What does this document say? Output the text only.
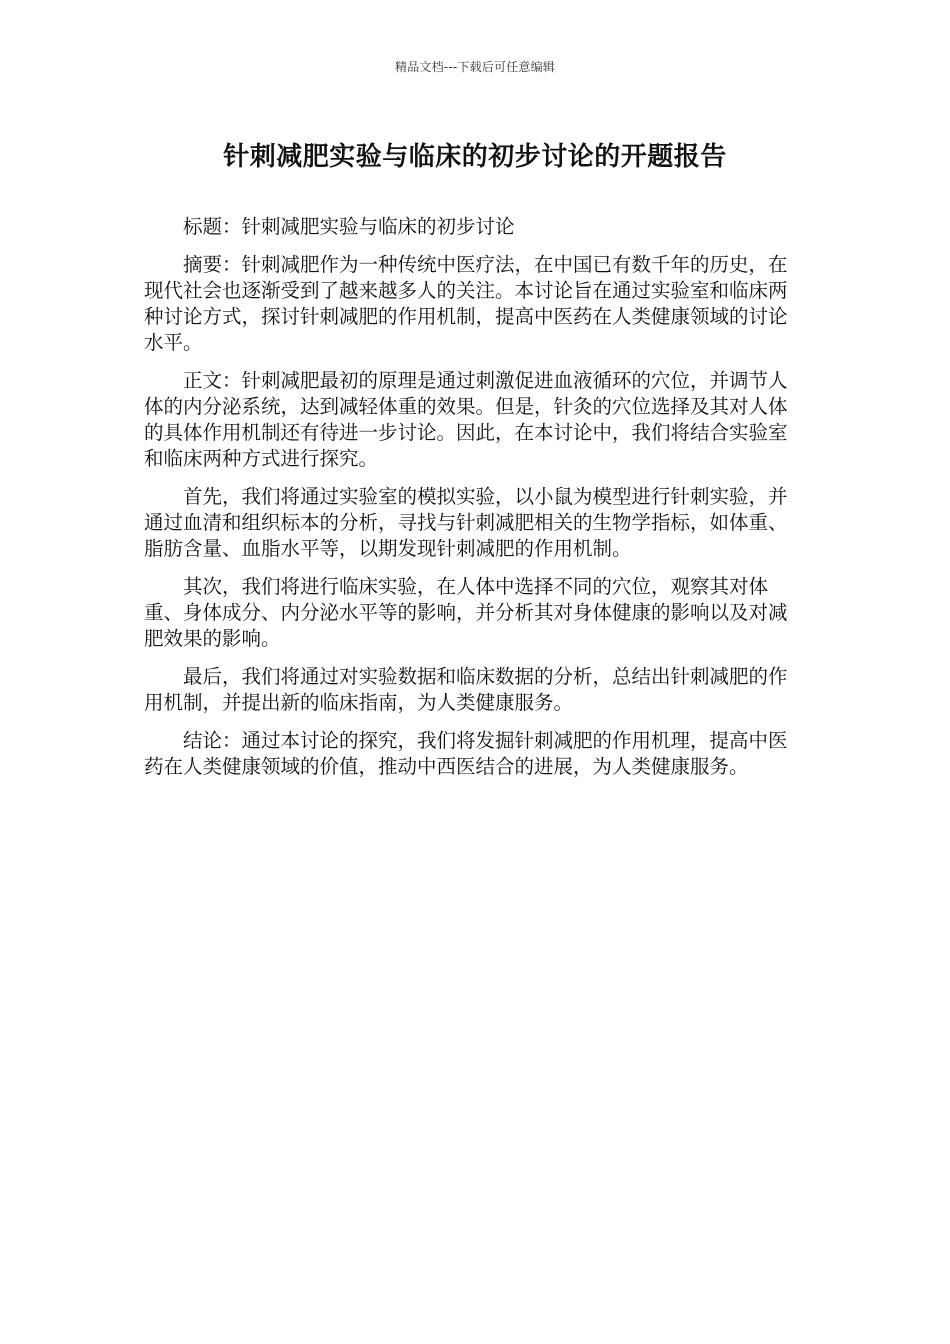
精品文档---下载后可任意编辑
针刺减肥实验与临床的初步讨论的开题报告

标题：针刺减肥实验与临床的初步讨论

摘要：针刺减肥作为一种传统中医疗法，在中国已有数千年的历史，在现代社会也逐渐受到了越来越多人的关注。本讨论旨在通过实验室和临床两种讨论方式，探讨针刺减肥的作用机制，提高中医药在人类健康领域的讨论水平。

正文：针刺减肥最初的原理是通过刺激促进血液循环的穴位，并调节人体的内分泌系统，达到减轻体重的效果。但是，针灸的穴位选择及其对人体的具体作用机制还有待进一步讨论。因此，在本讨论中，我们将结合实验室和临床两种方式进行探究。

首先，我们将通过实验室的模拟实验，以小鼠为模型进行针刺实验，并通过血清和组织标本的分析，寻找与针刺减肥相关的生物学指标，如体重、脂肪含量、血脂水平等，以期发现针刺减肥的作用机制。

其次，我们将进行临床实验，在人体中选择不同的穴位，观察其对体重、身体成分、内分泌水平等的影响，并分析其对身体健康的影响以及对减肥效果的影响。

最后，我们将通过对实验数据和临床数据的分析，总结出针刺减肥的作用机制，并提出新的临床指南，为人类健康服务。

结论：通过本讨论的探究，我们将发掘针刺减肥的作用机理，提高中医药在人类健康领域的价值，推动中西医结合的进展，为人类健康服务。
